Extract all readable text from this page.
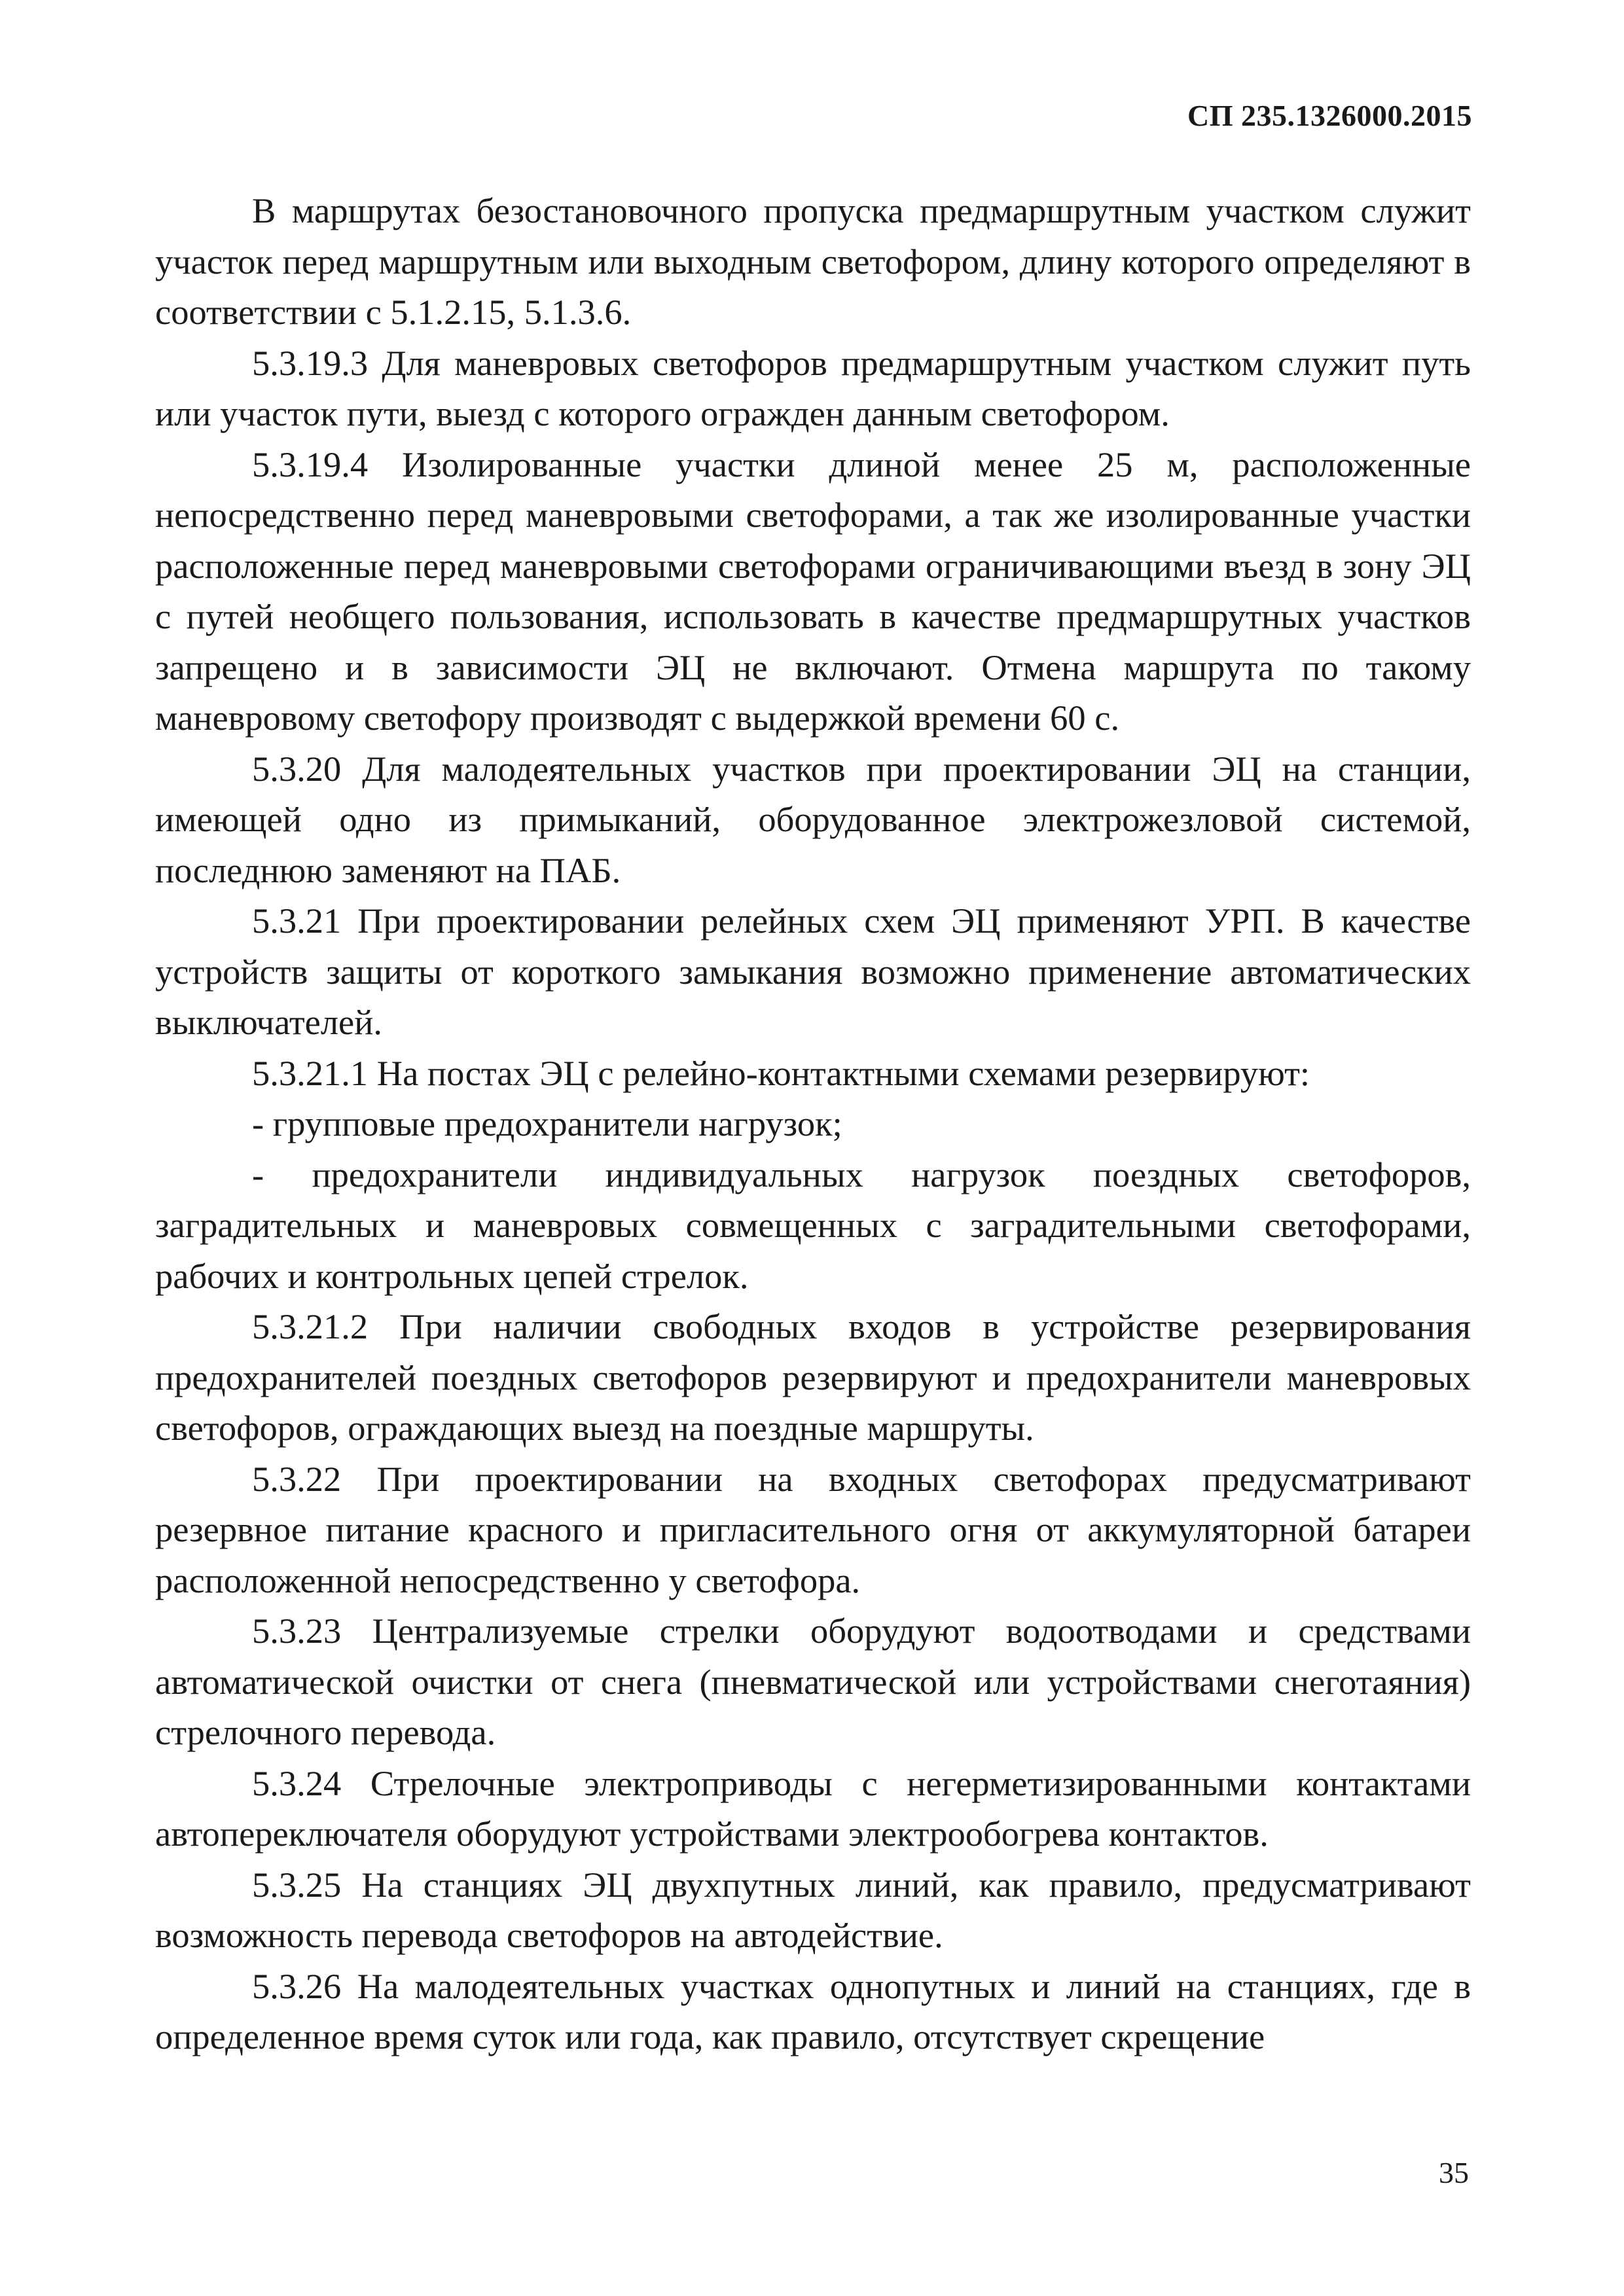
СП 235.1326000.2015

В маршрутах безостановочного пропуска предмаршрутным участком служит участок перед маршрутным или выходным светофором, длину которого определяют в соответствии с 5.1.2.15, 5.1.3.6.

5.3.19.3 Для маневровых светофоров предмаршрутным участком служит путь или участок пути, выезд с которого огражден данным светофором.

5.3.19.4 Изолированные участки длиной менее 25 м, расположенные непосредственно перед маневровыми светофорами, а так же изолированные участки расположенные перед маневровыми светофорами ограничивающими въезд в зону ЭЦ с путей необщего пользования, использовать в качестве предмаршрутных участков запрещено и в зависимости ЭЦ не включают. Отмена маршрута по такому маневровому светофору производят с выдержкой времени 60 с.

5.3.20 Для малодеятельных участков при проектировании ЭЦ на станции, имеющей одно из примыканий, оборудованное электрожезловой системой, последнюю заменяют на ПАБ.

5.3.21 При проектировании релейных схем ЭЦ применяют УРП. В качестве устройств защиты от короткого замыкания возможно применение автоматических выключателей.

5.3.21.1 На постах ЭЦ с релейно-контактными схемами резервируют:

- групповые предохранители нагрузок;

- предохранители индивидуальных нагрузок поездных светофоров, заградительных и маневровых совмещенных с заградительными светофорами, рабочих и контрольных цепей стрелок.

5.3.21.2 При наличии свободных входов в устройстве резервирования предохранителей поездных светофоров резервируют и предохранители маневровых светофоров, ограждающих выезд на поездные маршруты.

5.3.22 При проектировании на входных светофорах предусматривают резервное питание красного и пригласительного огня от аккумуляторной батареи расположенной непосредственно у светофора.

5.3.23 Централизуемые стрелки оборудуют водоотводами и средствами автоматической очистки от снега (пневматической или устройствами снеготаяния) стрелочного перевода.

5.3.24 Стрелочные электроприводы с негерметизированными контактами автопереключателя оборудуют устройствами электрообогрева контактов.

5.3.25 На станциях ЭЦ двухпутных линий, как правило, предусматривают возможность перевода светофоров на автодействие.

5.3.26 На малодеятельных участках однопутных и линий на станциях, где в определенное время суток или года, как правило, отсутствует скрещение

35
